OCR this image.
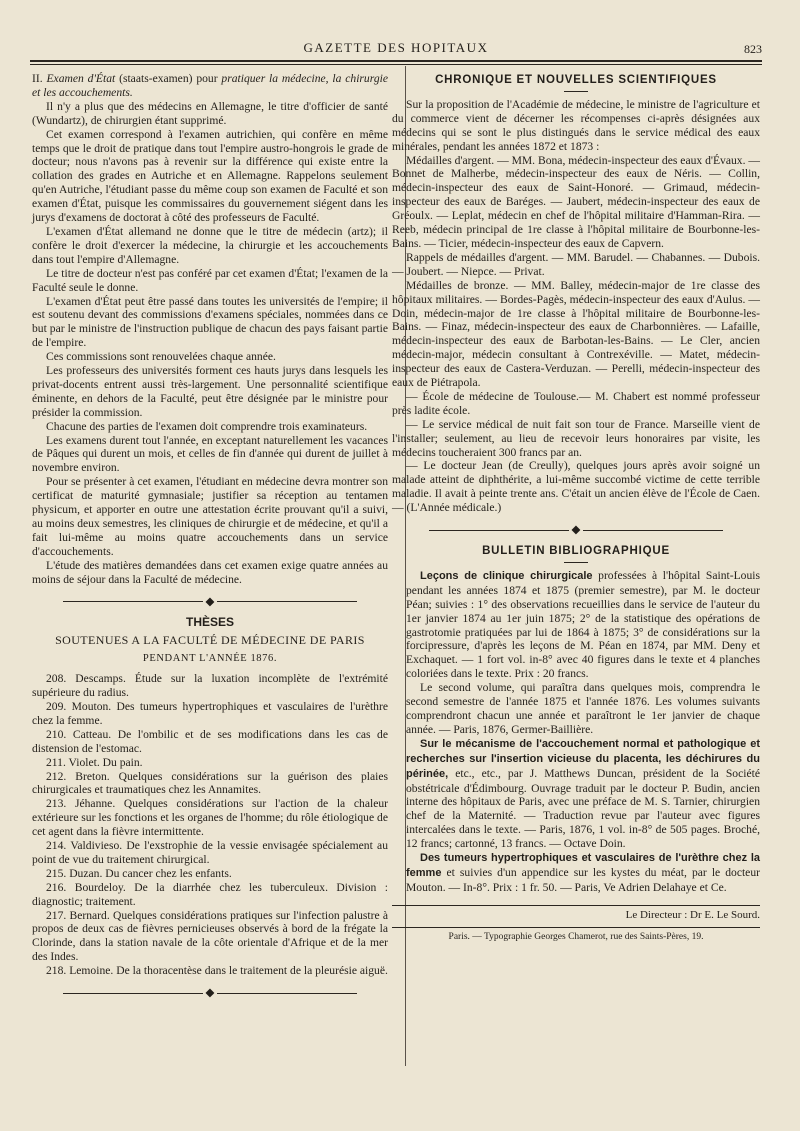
GAZETTE DES HOPITAUX	823

II. Examen d'État (staats-examen) pour pratiquer la médecine, la chirurgie et les accouchements.

Il n'y a plus que des médecins en Allemagne, le titre d'officier de santé (Wundartz), de chirurgien étant supprimé.

Cet examen correspond à l'examen autrichien, qui confère en même temps que le droit de pratique dans tout l'empire austro-hongrois le grade de docteur; nous n'avons pas à revenir sur la différence qui existe entre la collation des grades en Autriche et en Allemagne. Rappelons seulement qu'en Autriche, l'étudiant passe du même coup son examen de Faculté et son examen d'État, puisque les commissaires du gouvernement siégent dans les jurys d'examens de doctorat à côté des professeurs de Faculté.

L'examen d'État allemand ne donne que le titre de médecin (artz); il confère le droit d'exercer la médecine, la chirurgie et les accouchements dans tout l'empire d'Allemagne.

Le titre de docteur n'est pas conféré par cet examen d'État; l'examen de la Faculté seule le donne.

L'examen d'État peut être passé dans toutes les universités de l'empire; il est soutenu devant des commissions d'examens spéciales, nommées dans ce but par le ministre de l'instruction publique de chacun des pays faisant partie de l'empire.

Ces commissions sont renouvelées chaque année.

Les professeurs des universités forment ces hauts jurys dans lesquels les privat-docents entrent aussi très-largement. Une personnalité scientifique éminente, en dehors de la Faculté, peut être désignée par le ministre pour présider la commission.

Chacune des parties de l'examen doit comprendre trois examinateurs.

Les examens durent tout l'année, en exceptant naturellement les vacances de Pâques qui durent un mois, et celles de fin d'année qui durent de juillet à novembre environ.

Pour se présenter à cet examen, l'étudiant en médecine devra montrer son certificat de maturité gymnasiale; justifier sa réception au tentamen physicum, et apporter en outre une attestation écrite prouvant qu'il a suivi, au moins deux semestres, les cliniques de chirurgie et de médecine, et qu'il a fait lui-même au moins quatre accouchements dans un service d'accouchements.

L'étude des matières demandées dans cet examen exige quatre années au moins de séjour dans la Faculté de médecine.

◆
THÈSES
SOUTENUES A LA FACULTÉ DE MÉDECINE DE PARIS
PENDANT L'ANNÉE 1876.

208. Descamps. Étude sur la luxation incomplète de l'extrémité supérieure du radius.

209. Mouton. Des tumeurs hypertrophiques et vasculaires de l'urèthre chez la femme.

210. Catteau. De l'ombilic et de ses modifications dans les cas de distension de l'estomac.

211. Violet. Du pain.

212. Breton. Quelques considérations sur la guérison des plaies chirurgicales et traumatiques chez les Annamites.

213. Jéhanne. Quelques considérations sur l'action de la chaleur extérieure sur les fonctions et les organes de l'homme; du rôle étiologique de cet agent dans la fièvre intermittente.

214. Valdivieso. De l'exstrophie de la vessie envisagée spécialement au point de vue du traitement chirurgical.

215. Duzan. Du cancer chez les enfants.

216. Bourdeloy. De la diarrhée chez les tuberculeux. Division : diagnostic; traitement.

217. Bernard. Quelques considérations pratiques sur l'infection palustre à propos de deux cas de fièvres pernicieuses observés à bord de la frégate la Clorinde, dans la station navale de la côte orientale d'Afrique et de la mer des Indes.

218. Lemoine. De la thoracentèse dans le traitement de la pleurésie aiguë.

◆
CHRONIQUE ET NOUVELLES SCIENTIFIQUES

Sur la proposition de l'Académie de médecine, le ministre de l'agriculture et du commerce vient de décerner les récompenses ci-après désignées aux médecins qui se sont le plus distingués dans le service médical des eaux minérales, pendant les années 1872 et 1873 :

Médailles d'argent. — MM. Bona, médecin-inspecteur des eaux d'Évaux. — Bonnet de Malherbe, médecin-inspecteur des eaux de Néris. — Collin, médecin-inspecteur des eaux de Saint-Honoré. — Grimaud, médecin-inspecteur des eaux de Baréges. — Jaubert, médecin-inspecteur des eaux de Gréoulx. — Leplat, médecin en chef de l'hôpital militaire d'Hamman-Rira. — Reeb, médecin principal de 1re classe à l'hôpital militaire de Bourbonne-les-Bains. — Ticier, médecin-inspecteur des eaux de Capvern.

Rappels de médailles d'argent. — MM. Barudel. — Chabannes. — Dubois. — Joubert. — Niepce. — Privat.

Médailles de bronze. — MM. Balley, médecin-major de 1re classe des hôpitaux militaires. — Bordes-Pagès, médecin-inspecteur des eaux d'Aulus. — Doin, médecin-major de 1re classe à l'hôpital militaire de Bourbonne-les-Bains. — Finaz, médecin-inspecteur des eaux de Charbonnières. — Lafaille, médecin-inspecteur des eaux de Barbotan-les-Bains. — Le Cler, ancien médecin-major, médecin consultant à Contrexéville. — Matet, médecin-inspecteur des eaux de Castera-Verduzan. — Perelli, médecin-inspecteur des eaux de Piétrapola.

— École de médecine de Toulouse.— M. Chabert est nommé professeur près ladite école.

— Le service médical de nuit fait son tour de France. Marseille vient de l'installer; seulement, au lieu de recevoir leurs honoraires par visite, les médecins toucheraient 300 francs par an.

— Le docteur Jean (de Creully), quelques jours après avoir soigné un malade atteint de diphthérite, a lui-même succombé victime de cette terrible maladie. Il avait à peinte trente ans. C'était un ancien élève de l'École de Caen. — (L'Année médicale.)

◆
BULLETIN BIBLIOGRAPHIQUE

Leçons de clinique chirurgicale professées à l'hôpital Saint-Louis pendant les années 1874 et 1875 (premier semestre), par M. le docteur Péan; suivies : 1° des observations recueillies dans le service de l'auteur du 1er janvier 1874 au 1er juin 1875; 2° de la statistique des opérations de gastrotomie pratiquées par lui de 1864 à 1875; 3° de considérations sur la forcipressure, d'après les leçons de M. Péan en 1874, par MM. Deny et Exchaquet. — 1 fort vol. in-8° avec 40 figures dans le texte et 4 planches coloriées dans le texte. Prix : 20 francs.

Le second volume, qui paraîtra dans quelques mois, comprendra le second semestre de l'année 1875 et l'année 1876. Les volumes suivants comprendront chacun une année et paraîtront le 1er janvier de chaque année. — Paris, 1876, Germer-Baillière.

Sur le mécanisme de l'accouchement normal et pathologique et recherches sur l'insertion vicieuse du placenta, les déchirures du périnée, etc., etc., par J. Matthews Duncan, président de la Société obstétricale d'Édimbourg. Ouvrage traduit par le docteur P. Budin, ancien interne des hôpitaux de Paris, avec une préface de M. S. Tarnier, chirurgien chef de la Maternité. — Traduction revue par l'auteur avec figures intercalées dans le texte. — Paris, 1876, 1 vol. in-8° de 505 pages. Broché, 12 francs; cartonné, 13 francs. — Octave Doin.

Des tumeurs hypertrophiques et vasculaires de l'urèthre chez la femme et suivies d'un appendice sur les kystes du méat, par le docteur Mouton. — In-8°. Prix : 1 fr. 50. — Paris, Ve Adrien Delahaye et Ce.

Le Directeur : Dr E. Le Sourd.
Paris. — Typographie Georges Chamerot, rue des Saints-Pères, 19.
